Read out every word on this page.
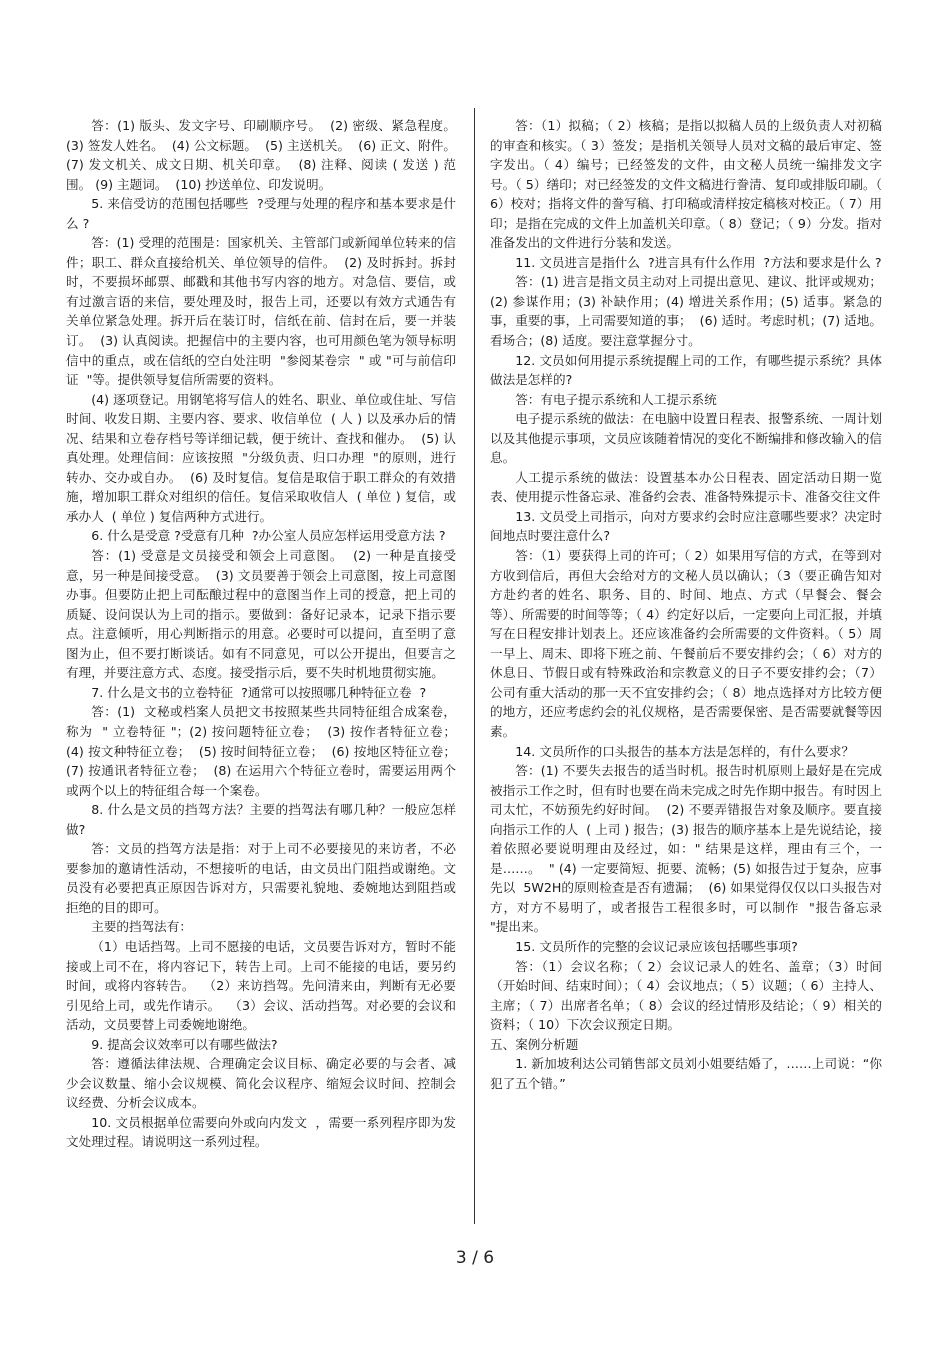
答：(1) 版头、发文字号、印刷顺序号。  (2) 密级、紧急程度。(3) 签发人姓名。  (4) 公文标题。  (5) 主送机关。  (6) 正文、附件。 (7) 发文机关、成文日期、机关印章。  (8) 注释、阅读 ( 发送 ) 范围。 (9) 主题词。  (10) 抄送单位、印发说明。

5. 来信受访的范围包括哪些  ?受理与处理的程序和基本要求是什么 ?

答：(1) 受理的范围是：国家机关、主管部门或新闻单位转来的信件；职工、群众直接给机关、单位领导的信件。  (2) 及时拆封。拆封时，不要损坏邮票、邮戳和其他书写内容的地方。对急信、要信，或有过激言语的来信，要处理及时，报告上司，还要以有效方式通告有关单位紧急处理。拆开后在装订时，信纸在前、信封在后，要一并装订。  (3) 认真阅读。把握信中的主要内容，也可用颜色笔为领导标明信中的重点，或在信纸的空白处注明  "参阅某卷宗  " 或 "可与前信印证  "等。提供领导复信所需要的资料。

(4) 逐项登记。用钢笔将写信人的姓名、职业、单位或住址、写信时间、收发日期、主要内容、要求、收信单位  ( 人 ) 以及承办后的情况、结果和立卷存档号等详细记载，便于统计、查找和催办。  (5) 认真处理。处理信间：应该按照  "分级负责、归口办理  "的原则，进行转办、交办或自办。  (6) 及时复信。复信是取信于职工群众的有效措施，增加职工群众对组织的信任。复信采取收信人  ( 单位 ) 复信，或承办人  ( 单位 ) 复信两种方式进行。

6. 什么是受意 ?受意有几种  ?办公室人员应怎样运用受意方法 ?

答：(1) 受意是文员接受和领会上司意图。  (2) 一种是直接受意，另一种是间接受意。  (3) 文员要善于领会上司意图，按上司意图办事。但要防止把上司酝酿过程中的意图当作上司的授意，把上司的质疑、设问误认为上司的指示。要做到：备好记录本，记录下指示要点。注意倾听，用心判断指示的用意。必要时可以提问，直至明了意图为止，但不要打断谈话。如有不同意见，可以公开提出，但要言之有理，并要注意方式、态度。接受指示后，要不失时机地贯彻实施。

7. 什么是文书的立卷特征  ?通常可以按照哪几种特征立卷  ?

答：(1)  文秘或档案人员把文书按照某些共同特征组合成案卷，称为  " 立卷特征 "；(2) 按问题特征立卷；  (3) 按作者特征立卷；  (4) 按文种特征立卷；  (5) 按时间特征立卷；  (6) 按地区特征立卷；  (7) 按通讯者特征立卷；  (8) 在运用六个特征立卷时，需要运用两个或两个以上的特征组合每一个案卷。

8. 什么是文员的挡驾方法？主要的挡驾法有哪几种？一般应怎样做?

答：文员的挡驾方法是指：对于上司不必要接见的来访者，不必要参加的邀请性活动，不想接听的电话，由文员出门阻挡或谢绝。文员没有必要把真正原因告诉对方，只需要礼貌地、委婉地达到阻挡或拒绝的目的即可。

主要的挡驾法有：

（1）电话挡驾。上司不愿接的电话，文员要告诉对方，暂时不能接或上司不在，将内容记下，转告上司。上司不能接的电话，要另约时间，或将内容转告。  （2）来访挡驾。先问清来由，判断有无必要引见给上司，或先作请示。  （3）会议、活动挡驾。对必要的会议和活动，文员要替上司委婉地谢绝。

9. 提高会议效率可以有哪些做法?

答：遵循法律法规、合理确定会议目标、确定必要的与会者、减少会议数量、缩小会议规模、简化会议程序、缩短会议时间、控制会议经费、分析会议成本。

10. 文员根据单位需要向外或向内发文  ，需要一系列程序即为发文处理过程。请说明这一系列过程。

答：（1）拟稿；（ 2）核稿；是指以拟稿人员的上级负责人对初稿的审查和核实。（ 3）签发；是指机关领导人员对文稿的最后审定、签字发出。（ 4）编号；已经签发的文件，由文秘人员统一编排发文字号。（ 5）缮印；对已经签发的文件文稿进行誊清、复印或排版印刷。（ 6）校对；指将文件的誊写稿、打印稿或清样按定稿核对校正。（ 7）用印；是指在完成的文件上加盖机关印章。（ 8）登记；（ 9）分发。指对准备发出的文件进行分装和发送。

11. 文员进言是指什么  ?进言具有什么作用  ?方法和要求是什么 ?

答：(1) 进言是指文员主动对上司提出意见、建议、批评或规劝；(2) 参谋作用；(3) 补缺作用；(4) 增进关系作用；(5) 适事。紧急的事，重要的事，上司需要知道的事；  (6) 适时。考虑时机；(7) 适地。看场合；(8) 适度。要注意掌握分寸。

12. 文员如何用提示系统提醒上司的工作，有哪些提示系统？具体做法是怎样的?

答：有电子提示系统和人工提示系统

电子提示系统的做法：在电脑中设置日程表、报警系统、一周计划以及其他提示事项，文员应该随着情况的变化不断编排和修改输入的信息。

人工提示系统的做法：设置基本办公日程表、固定活动日期一览表、使用提示性备忘录、准备约会表、准备特殊提示卡、准备交往文件

13. 文员受上司指示，向对方要求约会时应注意哪些要求？决定时间地点时要注意什么?

答：（1）要获得上司的许可；（ 2）如果用写信的方式，在等到对方收到信后，再但大会给对方的文秘人员以确认；（3（要正确告知对方赴约者的姓名、职务、目的、时间、地点、方式（早餐会、餐会等）、所需要的时间等等；（ 4）约定好以后，一定要向上司汇报，并填写在日程安排计划表上。还应该准备约会所需要的文件资料。（ 5）周一早上、周末、即将下班之前、午餐前后不要安排约会；（ 6）对方的休息日、节假日或有特殊政治和宗教意义的日子不要安排约会；（7）公司有重大活动的那一天不宜安排约会；（ 8）地点选择对方比较方便的地方，还应考虑约会的礼仪规格，是否需要保密、是否需要就餐等因素。

14. 文员所作的口头报告的基本方法是怎样的，有什么要求？

答：(1) 不要失去报告的适当时机。报告时机原则上最好是在完成被指示工作之时，但有时也要在尚未完成之时先作期中报告。有时因上司太忙，不妨预先约好时间。  (2) 不要弄错报告对象及顺序。要直接向指示工作的人  ( 上司 ) 报告；(3) 报告的顺序基本上是先说结论，接着依照必要说明理由及经过，如：" 结果是这样，理由有三个，一是……。  " (4) 一定要简短、扼要、流畅；(5) 如报告过于复杂，应事先以  5W2H的原则检查是否有遗漏；  (6) 如果觉得仅仅以口头报告对方，对方不易明了，或者报告工程很多时，可以制作  "报告备忘录  "提出来。

15. 文员所作的完整的会议记录应该包括哪些事项?

答：（1）会议名称；（ 2）会议记录人的姓名、盖章；（3）时间（开始时间、结束时间）；（ 4）会议地点；（ 5）议题；（ 6）主持人、主席；（ 7）出席者名单；（ 8）会议的经过情形及结论；（ 9）相关的资料；（ 10）下次会议预定日期。

五、案例分析题

1. 新加坡利达公司销售部文员刘小姐要结婚了，……上司说：“你犯了五个错。”

3 / 6
